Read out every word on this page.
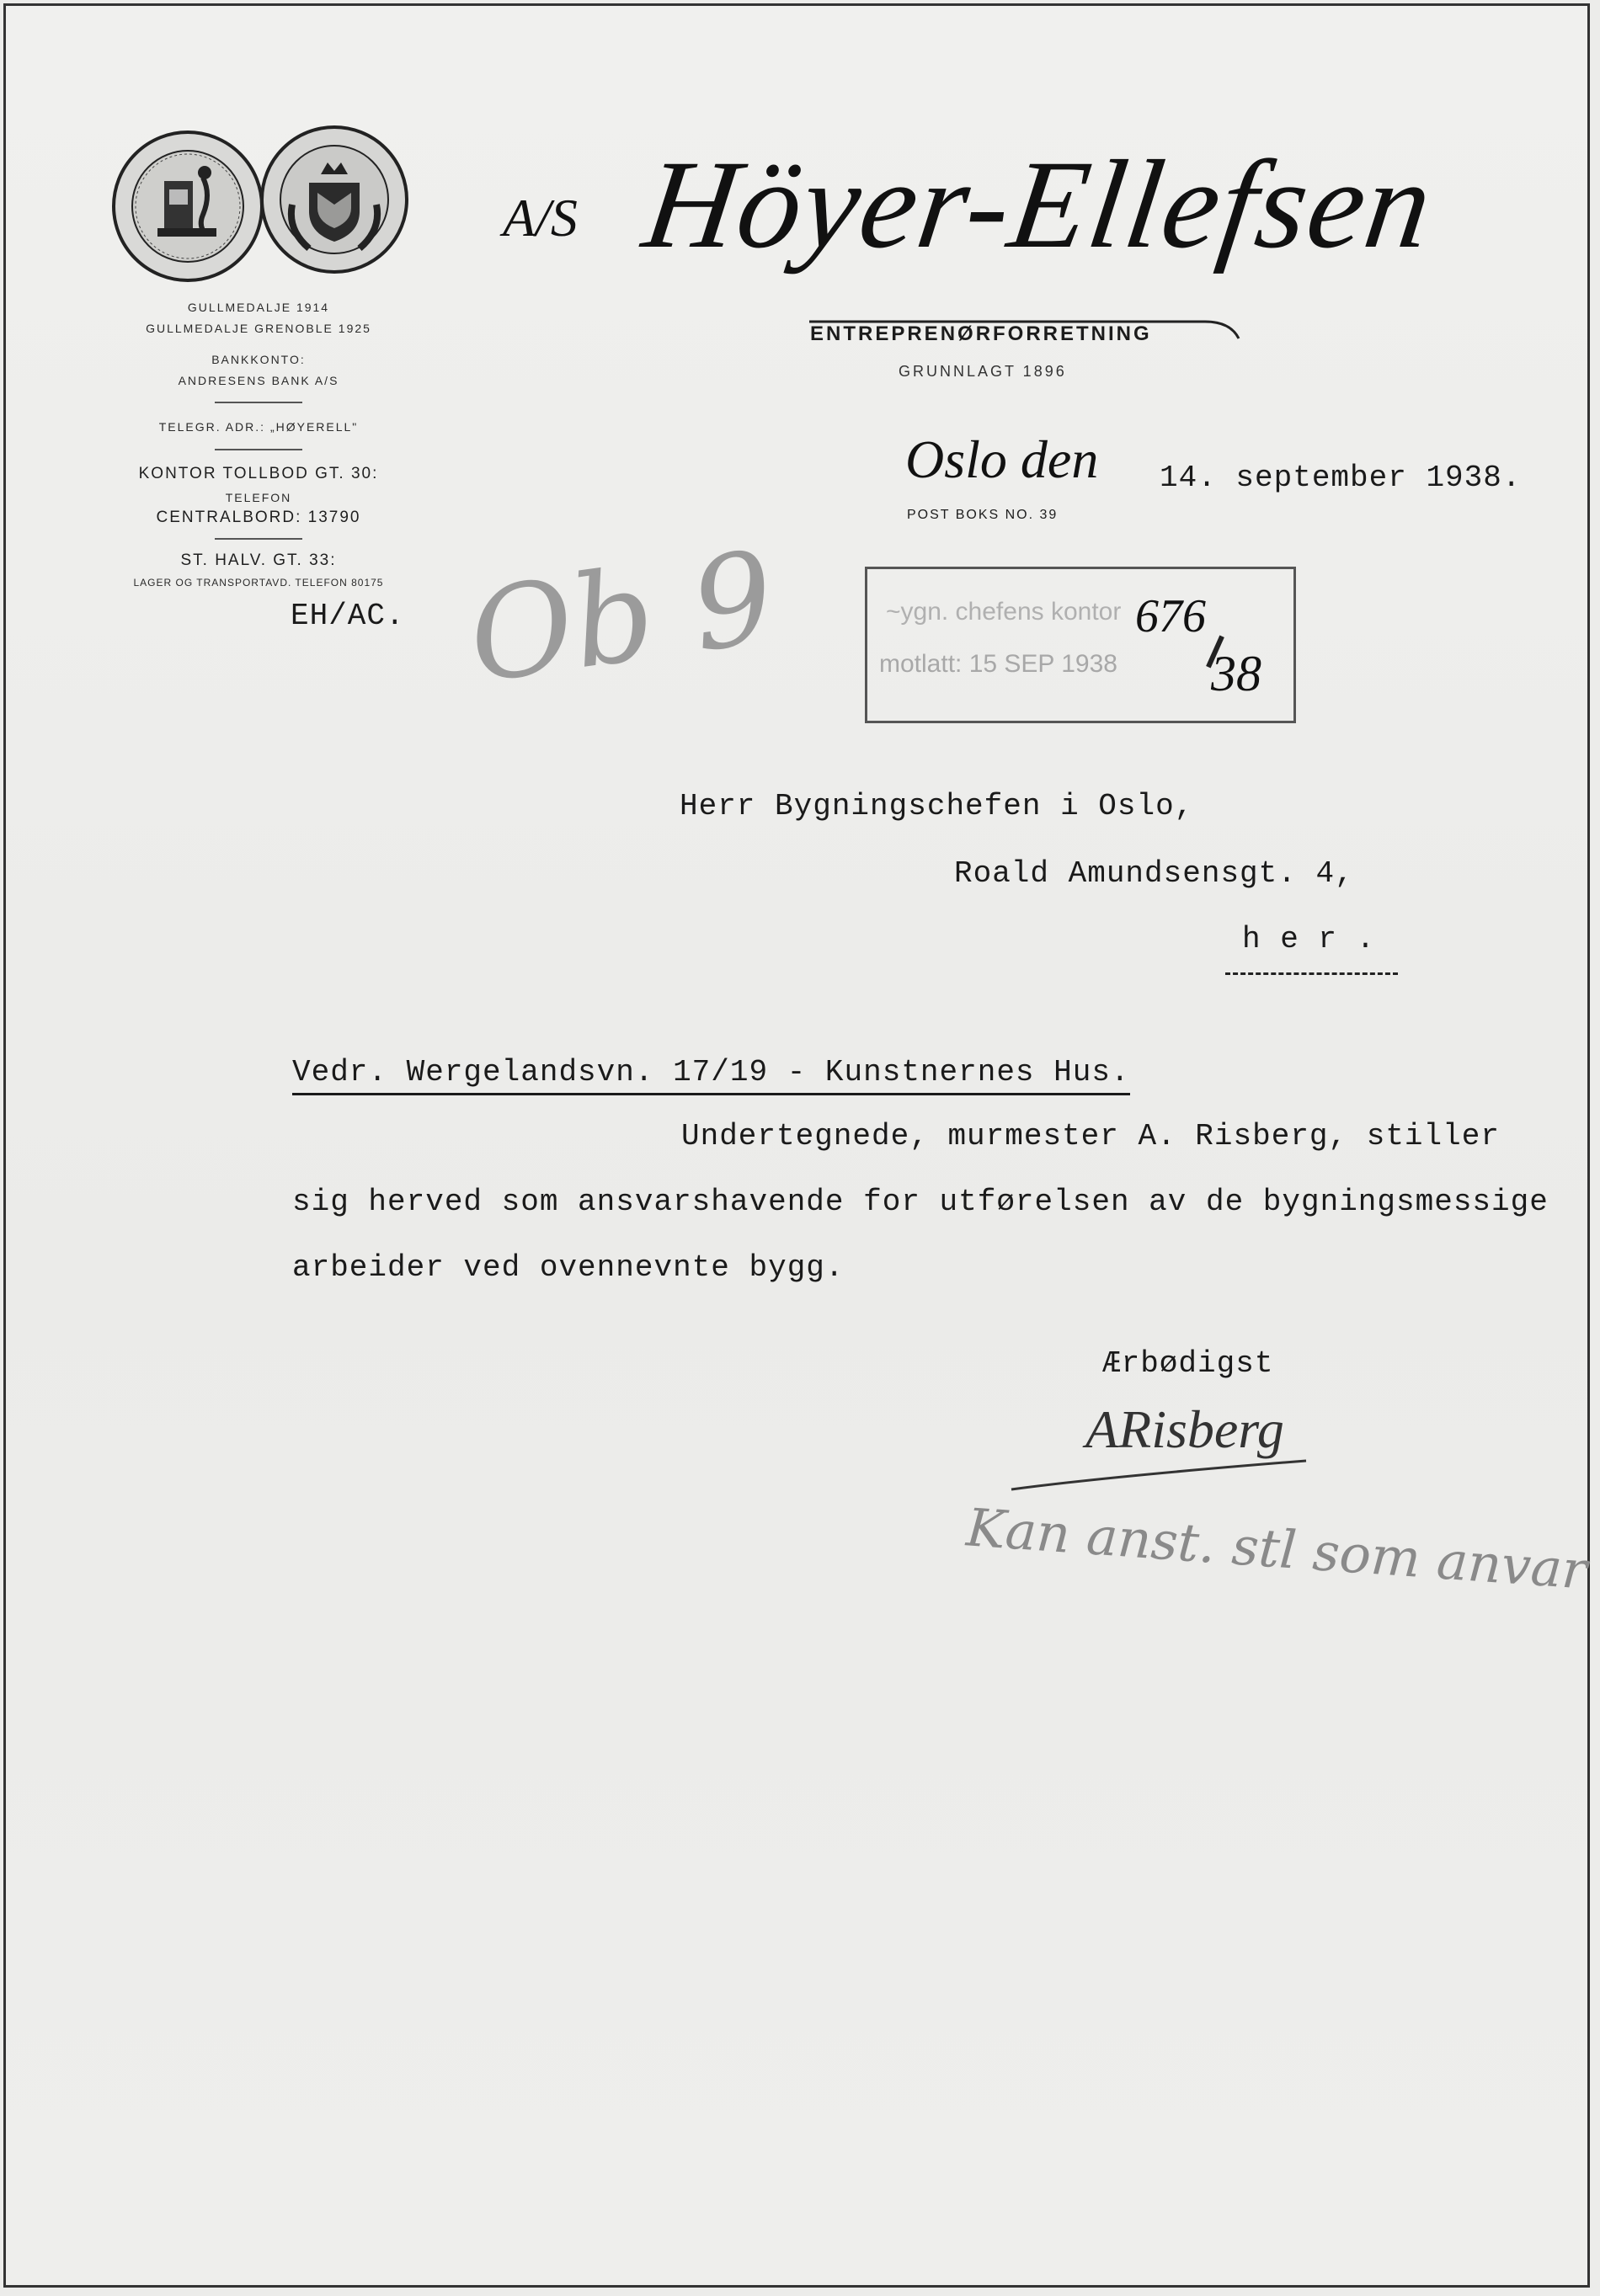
GULLMEDALJE 1914
GULLMEDALJE GRENOBLE 1925
BANKKONTO:
ANDRESENS BANK A/S
TELEGR. ADR.: „HØYERELL"
KONTOR TOLLBOD GT. 30:
TELEFON
CENTRALBORD: 13790
ST. HALV. GT. 33:
LAGER OG TRANSPORTAVD. TELEFON 80175
EH/AC.
A/S Höyer-Ellefsen
ENTREPRENØRFORRETNING
GRUNNLAGT 1896
Oslo den 14. september 1938.
POST BOKS NO. 39
Ob 9	~ygn. chefens kontor
motlatt: 15 SEP 1938
676
38
Herr Bygningschefen i Oslo,
Roald Amundsensgt. 4,
h e r .
Vedr. Wergelandsvn. 17/19 - Kunstnernes Hus.
Undertegnede, murmester A. Risberg, stiller
sig herved som ansvarshavende for utførelsen av de bygningsmessige
arbeider ved ovennevnte bygg.
Ærbødigst
ARisberg
Kan anst. stl som anvar
